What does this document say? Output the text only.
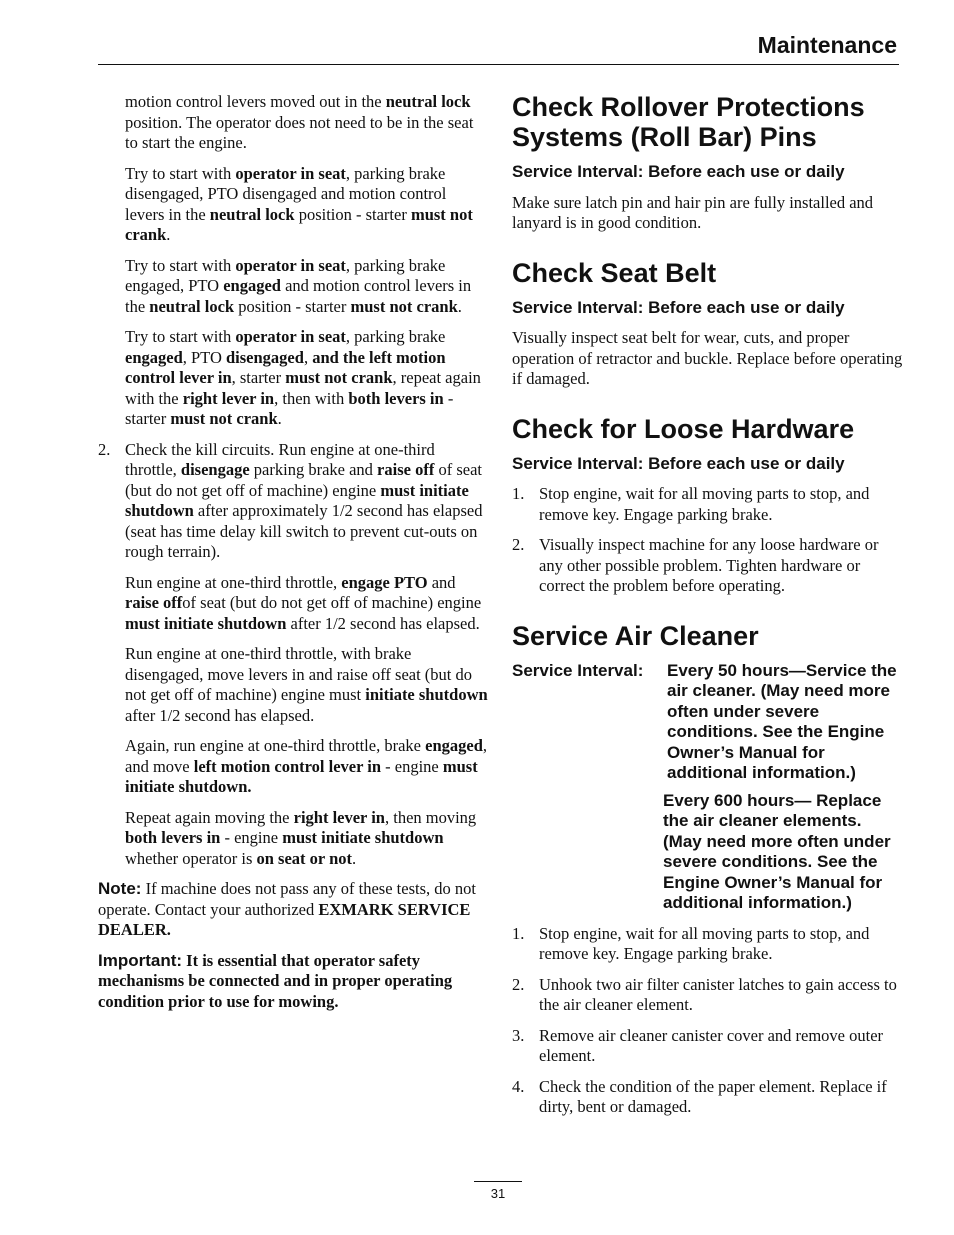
Maintenance

motion control levers moved out in the neutral lock position. The operator does not need to be in the seat to start the engine.

Try to start with operator in seat, parking brake disengaged, PTO disengaged and motion control levers in the neutral lock position - starter must not crank.

Try to start with operator in seat, parking brake engaged, PTO engaged and motion control levers in the neutral lock position - starter must not crank.

Try to start with operator in seat, parking brake engaged, PTO disengaged, and the left motion control lever in, starter must not crank, repeat again with the right lever in, then with both levers in - starter must not crank.

2. Check the kill circuits. Run engine at one-third throttle, disengage parking brake and raise off of seat (but do not get off of machine) engine must initiate shutdown after approximately 1/2 second has elapsed (seat has time delay kill switch to prevent cut-outs on rough terrain).

Run engine at one-third throttle, engage PTO and raise offof seat (but do not get off of machine) engine must initiate shutdown after 1/2 second has elapsed.

Run engine at one-third throttle, with brake disengaged, move levers in and raise off seat (but do not get off of machine) engine must initiate shutdown after 1/2 second has elapsed.

Again, run engine at one-third throttle, brake engaged, and move left motion control lever in - engine must initiate shutdown.

Repeat again moving the right lever in, then moving both levers in - engine must initiate shutdown whether operator is on seat or not.

Note: If machine does not pass any of these tests, do not operate. Contact your authorized EXMARK SERVICE DEALER.

Important: It is essential that operator safety mechanisms be connected and in proper operating condition prior to use for mowing.

Check Rollover Protections Systems (Roll Bar) Pins
Service Interval: Before each use or daily

Make sure latch pin and hair pin are fully installed and lanyard is in good condition.

Check Seat Belt
Service Interval: Before each use or daily

Visually inspect seat belt for wear, cuts, and proper operation of retractor and buckle. Replace before operating if damaged.

Check for Loose Hardware
Service Interval: Before each use or daily
1. Stop engine, wait for all moving parts to stop, and remove key. Engage parking brake.
2. Visually inspect machine for any loose hardware or any other possible problem. Tighten hardware or correct the problem before operating.
Service Air Cleaner
Service Interval:	Every 50 hours—Service the air cleaner. (May need more often under severe conditions. See the Engine Owner’s Manual for additional information.)
Every 600 hours— Replace the air cleaner elements. (May need more often under severe conditions. See the Engine Owner’s Manual for additional information.)
1. Stop engine, wait for all moving parts to stop, and remove key. Engage parking brake.
2. Unhook two air filter canister latches to gain access to the air cleaner element.
3. Remove air cleaner canister cover and remove outer element.
4. Check the condition of the paper element. Replace if dirty, bent or damaged.
31
